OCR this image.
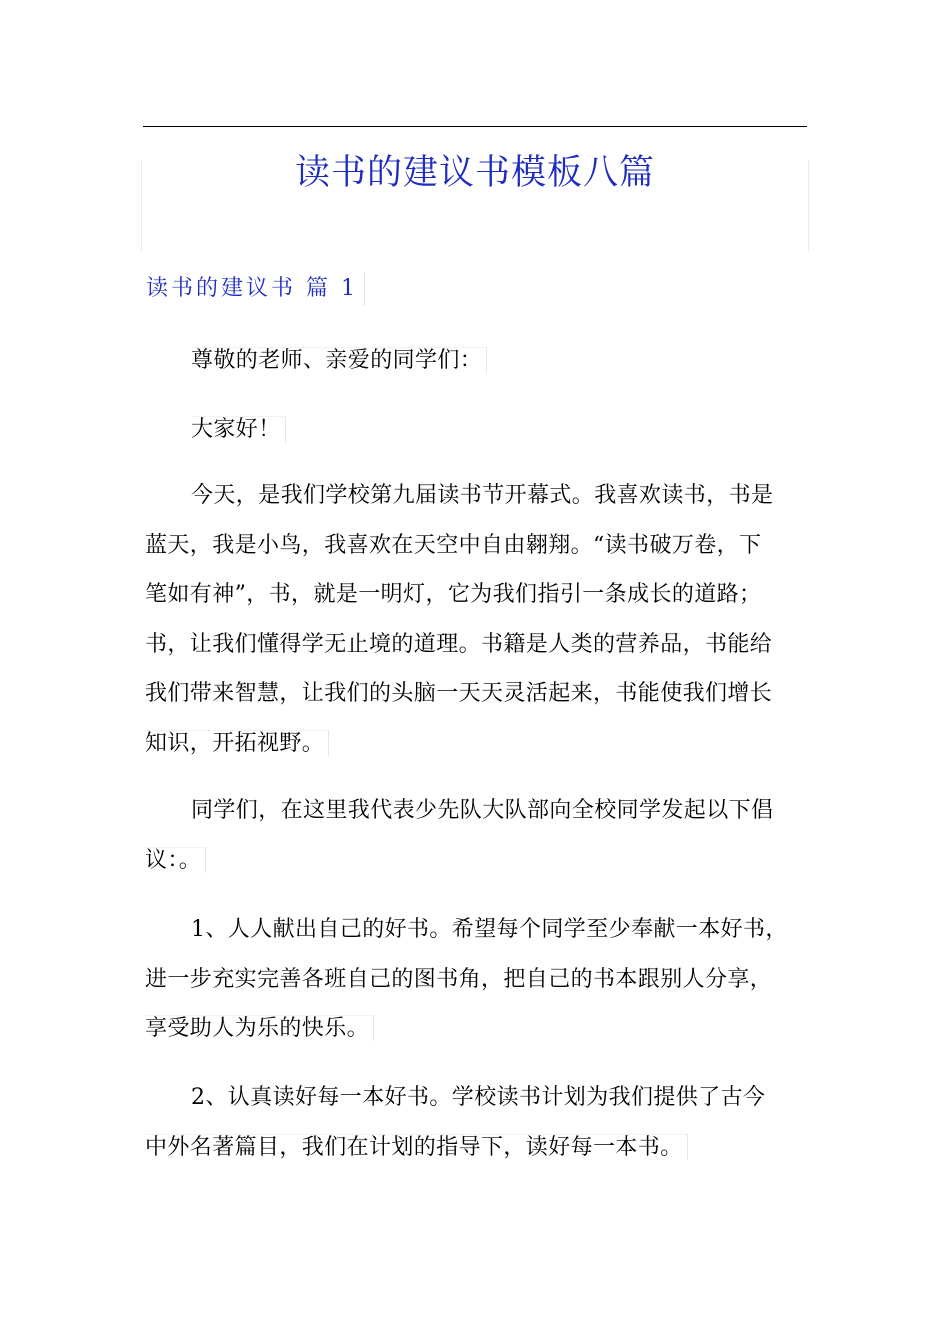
读书的建议书模板八篇
读书的建议书 篇 1
尊敬的老师、亲爱的同学们：
大家好！
今天，是我们学校第九届读书节开幕式。我喜欢读书，书是
蓝天，我是小鸟，我喜欢在天空中自由翱翔。“读书破万卷，下
笔如有神”，书，就是一明灯，它为我们指引一条成长的道路；
书，让我们懂得学无止境的道理。书籍是人类的营养品，书能给
我们带来智慧，让我们的头脑一天天灵活起来，书能使我们增长
知识，开拓视野。
同学们，在这里我代表少先队大队部向全校同学发起以下倡
议：。
1、人人献出自己的好书。希望每个同学至少奉献一本好书，
进一步充实完善各班自己的图书角，把自己的书本跟别人分享，
享受助人为乐的快乐。
2、认真读好每一本好书。学校读书计划为我们提供了古今
中外名著篇目，我们在计划的指导下，读好每一本书。
